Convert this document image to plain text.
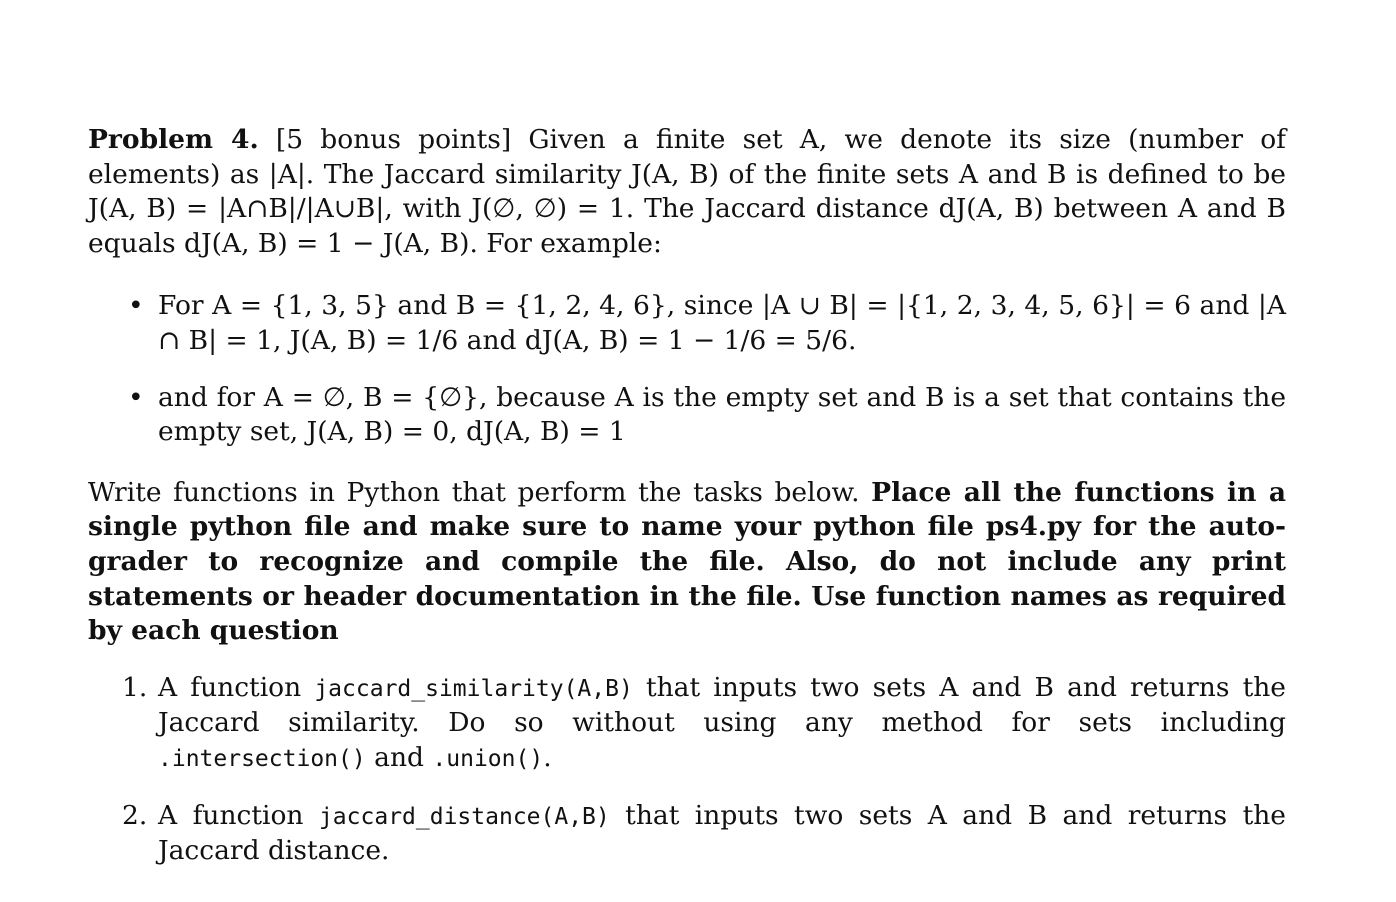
Problem 4. [5 bonus points] Given a finite set A, we denote its size (number of elements) as |A|. The Jaccard similarity J(A, B) of the finite sets A and B is defined to be J(A, B) = |A∩B|/|A∪B|, with J(∅, ∅) = 1. The Jaccard distance dJ(A, B) between A and B equals dJ(A, B) = 1 − J(A, B). For example:

• For A = {1, 3, 5} and B = {1, 2, 4, 6}, since |A ∪ B| = |{1, 2, 3, 4, 5, 6}| = 6 and |A ∩ B| = 1, J(A, B) = 1/6 and dJ(A, B) = 1 − 1/6 = 5/6.
• and for A = ∅, B = {∅}, because A is the empty set and B is a set that contains the empty set, J(A, B) = 0, dJ(A, B) = 1

Write functions in Python that perform the tasks below. Place all the functions in a single python file and make sure to name your python file ps4.py for the auto-grader to recognize and compile the file. Also, do not include any print statements or header documentation in the file. Use function names as required by each question

1. A function jaccard_similarity(A,B) that inputs two sets A and B and returns the Jaccard similarity. Do so without using any method for sets including .intersection() and .union().
2. A function jaccard_distance(A,B) that inputs two sets A and B and returns the Jaccard distance.
